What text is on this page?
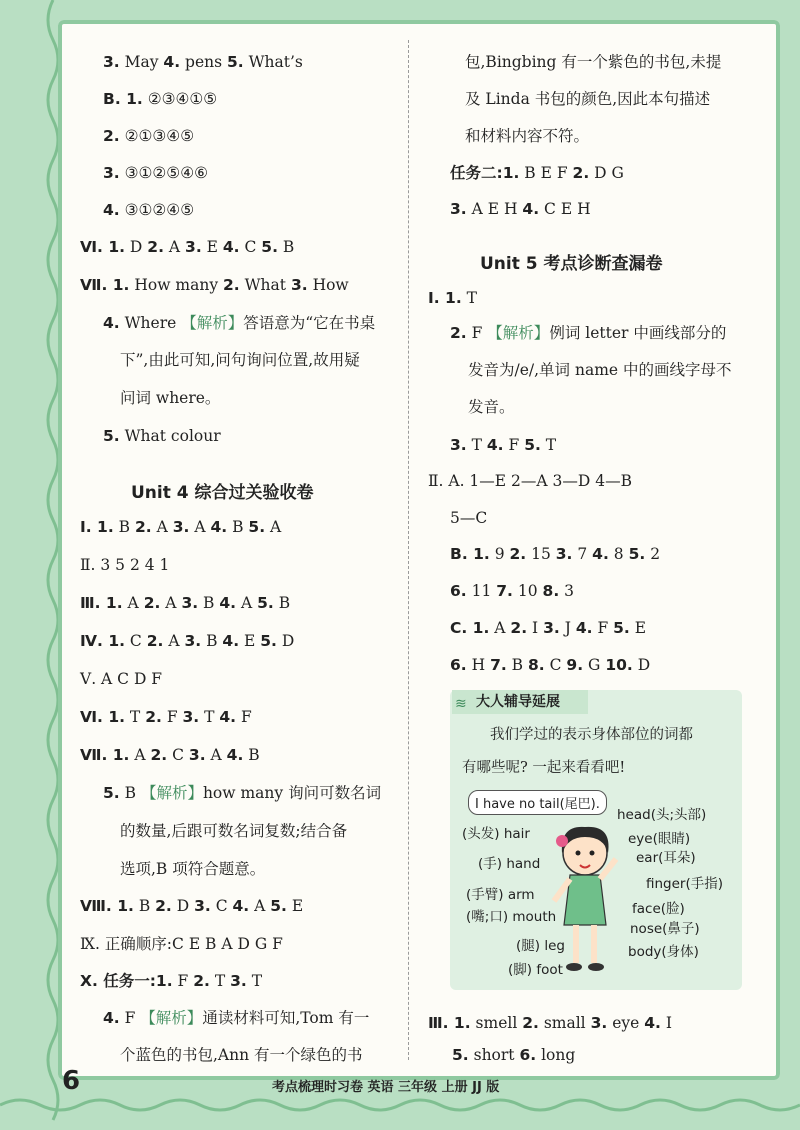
3. May 4. pens 5. What’s
B. 1. ②③④①⑤
2. ②①③④⑤
3. ③①②⑤④⑥
4. ③①②④⑤
Ⅵ. 1. D 2. A 3. E 4. C 5. B
Ⅶ. 1. How many 2. What 3. How
4. Where 【解析】答语意为“它在书桌
下”,由此可知,问句询问位置,故用疑
问词 where。
5. What colour
Unit 4 综合过关验收卷
Ⅰ. 1. B 2. A 3. A 4. B 5. A
Ⅱ. 3 5 2 4 1
Ⅲ. 1. A 2. A 3. B 4. A 5. B
Ⅳ. 1. C 2. A 3. B 4. E 5. D
Ⅴ. A C D F
Ⅵ. 1. T 2. F 3. T 4. F
Ⅶ. 1. A 2. C 3. A 4. B
5. B 【解析】how many 询问可数名词
的数量,后跟可数名词复数;结合备
选项,B 项符合题意。
Ⅷ. 1. B 2. D 3. C 4. A 5. E
Ⅸ. 正确顺序:C E B A D G F
Ⅹ. 任务一:1. F 2. T 3. T
4. F 【解析】通读材料可知,Tom 有一
个蓝色的书包,Ann 有一个绿色的书
包,Bingbing 有一个紫色的书包,未提
及 Linda 书包的颜色,因此本句描述
和材料内容不符。
任务二:1. B E F 2. D G
3. A E H 4. C E H
Unit 5 考点诊断查漏卷
Ⅰ. 1. T
2. F 【解析】例词 letter 中画线部分的
发音为/e/,单词 name 中的画线字母不
发音。
3. T 4. F 5. T
Ⅱ. A. 1—E 2—A 3—D 4—B
5—C
B. 1. 9 2. 15 3. 7 4. 8 5. 2
6. 11 7. 10 8. 3
C. 1. A 2. I 3. J 4. F 5. E
6. H 7. B 8. C 9. G 10. D
大人辅导延展
≋
我们学过的表示身体部位的词都
有哪些呢? 一起来看看吧!
I have no tail(尾巴).
head(头;头部)
(头发) hair	eye(眼睛)
ear(耳朵)
(手) hand
finger(手指)
(手臂) arm
face(脸)
(嘴;口) mouth
nose(鼻子)
(腿) leg	body(身体)
(脚) foot
Ⅲ. 1. smell 2. small 3. eye 4. I
5. short 6. long
6	考点梳理时习卷 英语 三年级 上册 JJ 版
